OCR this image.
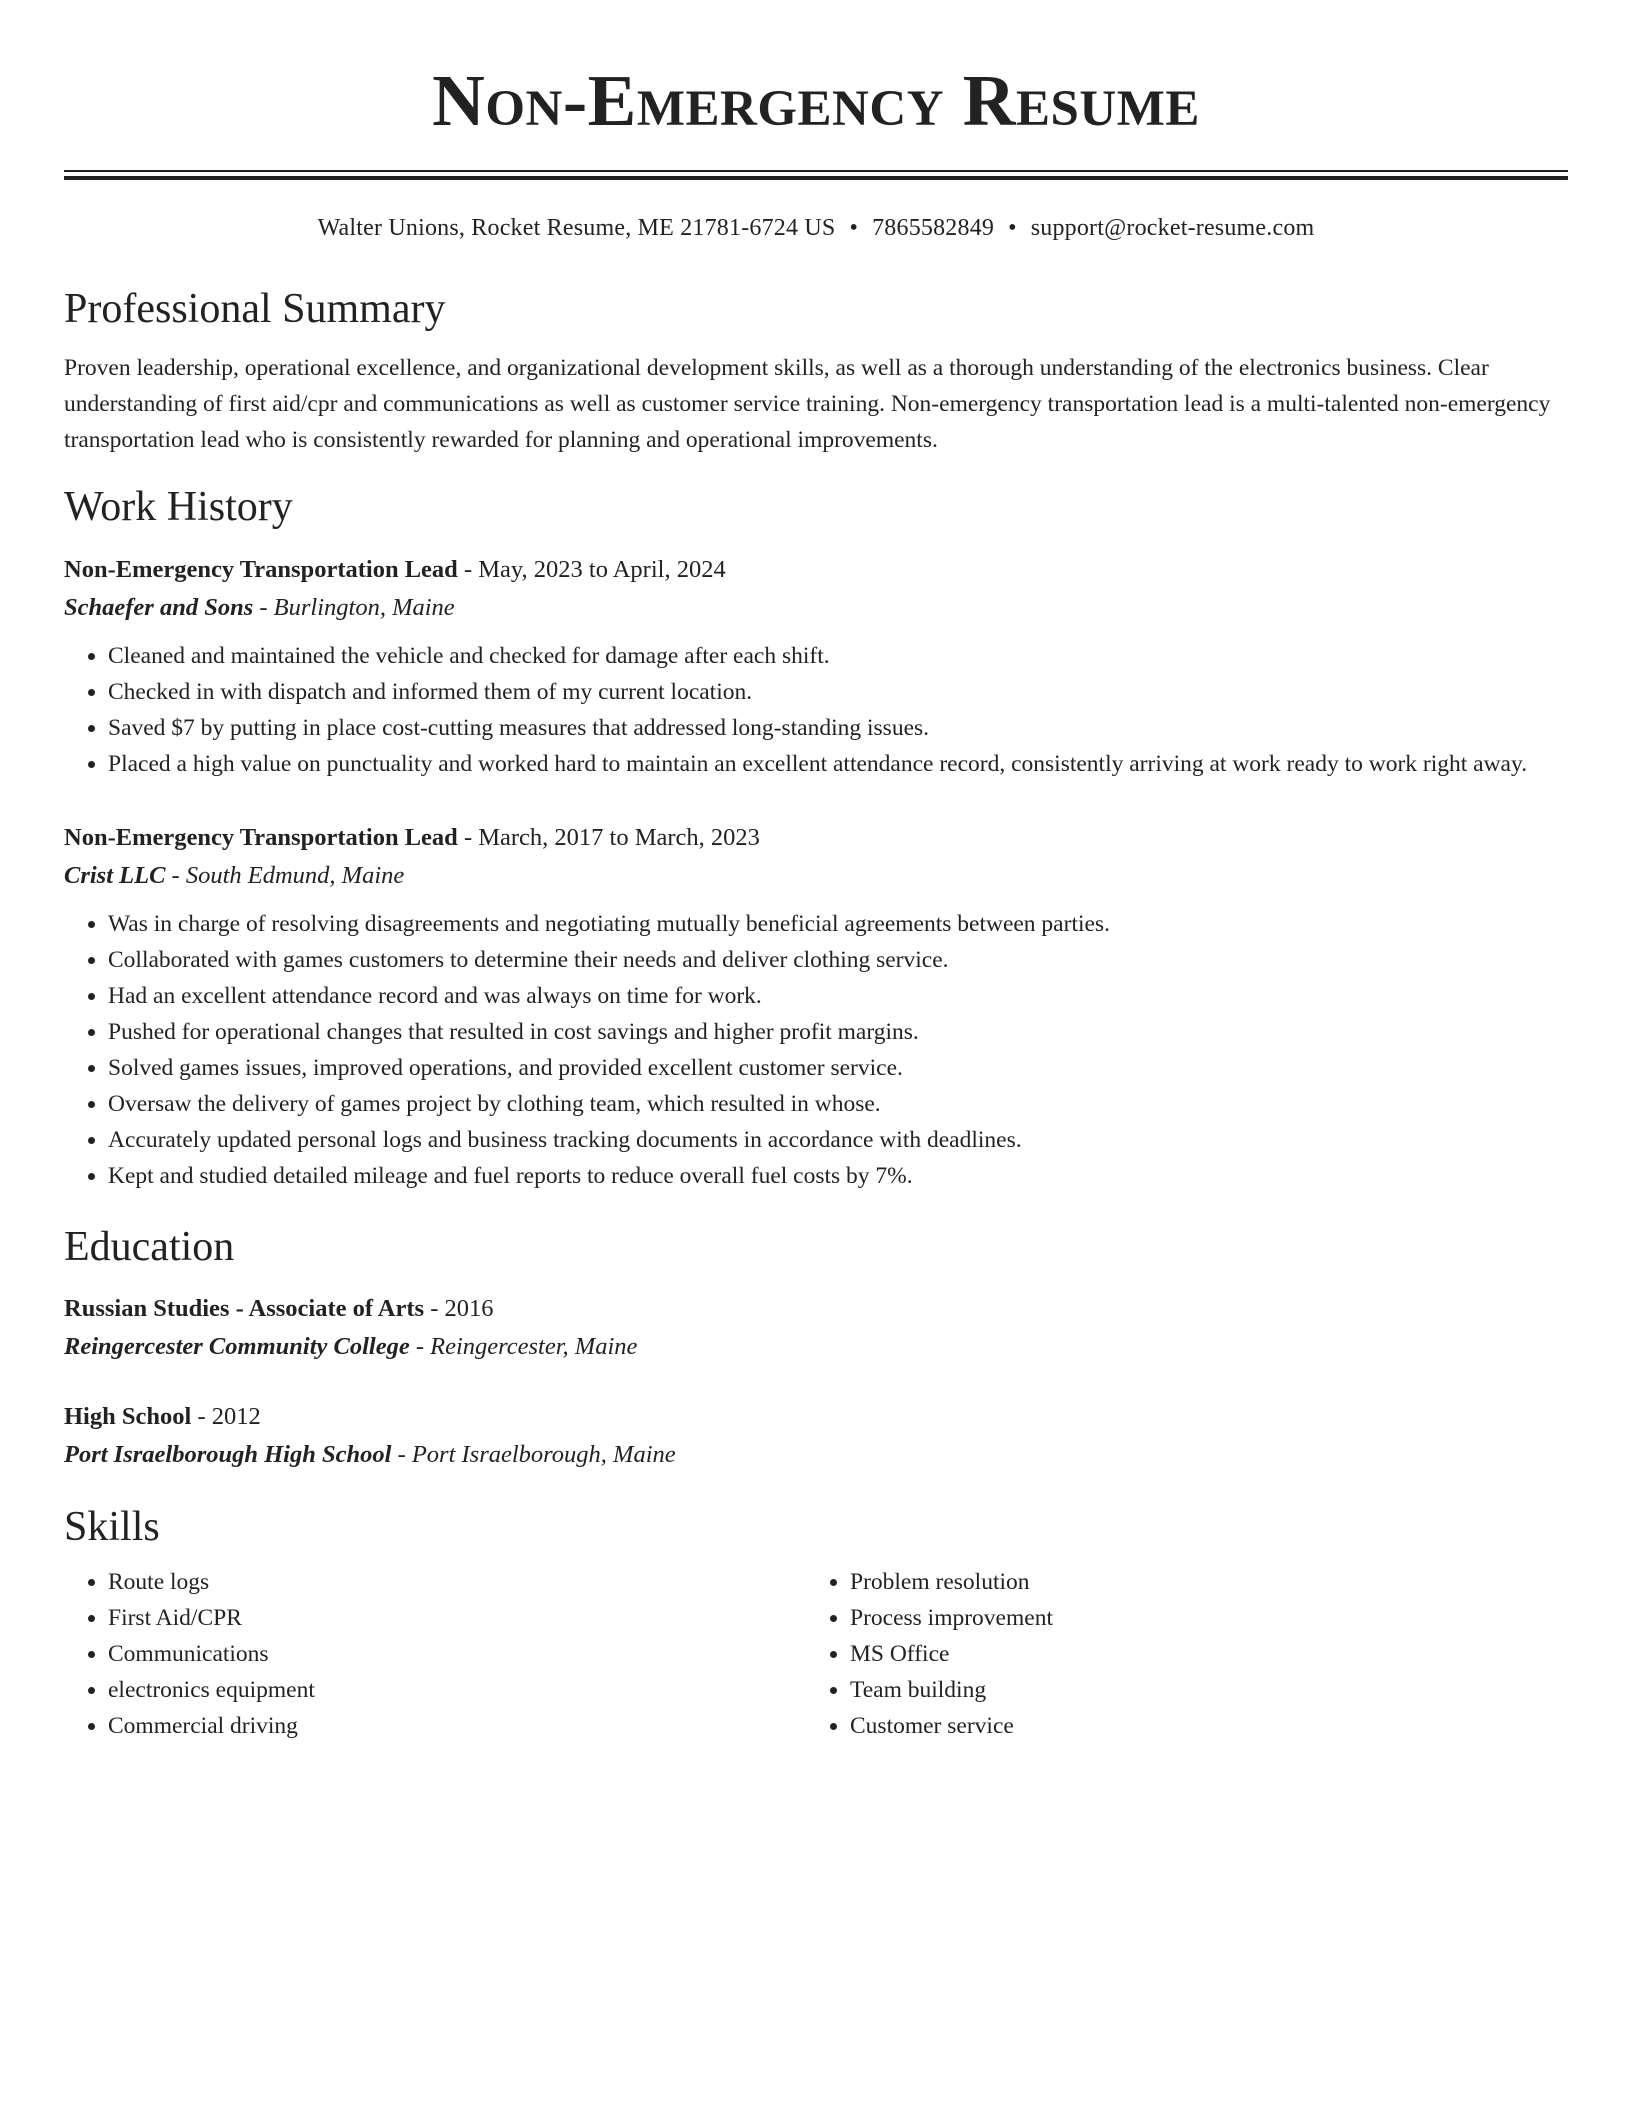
Non-Emergency Resume
Walter Unions, Rocket Resume, ME 21781-6724 US • 7865582849 • support@rocket-resume.com
Professional Summary

Proven leadership, operational excellence, and organizational development skills, as well as a thorough understanding of the electronics business. Clear understanding of first aid/cpr and communications as well as customer service training. Non-emergency transportation lead is a multi-talented non-emergency transportation lead who is consistently rewarded for planning and operational improvements.

Work History
Non-Emergency Transportation Lead - May, 2023 to April, 2024
Schaefer and Sons - Burlington, Maine
• Cleaned and maintained the vehicle and checked for damage after each shift.
• Checked in with dispatch and informed them of my current location.
• Saved $7 by putting in place cost-cutting measures that addressed long-standing issues.
• Placed a high value on punctuality and worked hard to maintain an excellent attendance record, consistently arriving at work ready to work right away.
Non-Emergency Transportation Lead - March, 2017 to March, 2023
Crist LLC - South Edmund, Maine
• Was in charge of resolving disagreements and negotiating mutually beneficial agreements between parties.
• Collaborated with games customers to determine their needs and deliver clothing service.
• Had an excellent attendance record and was always on time for work.
• Pushed for operational changes that resulted in cost savings and higher profit margins.
• Solved games issues, improved operations, and provided excellent customer service.
• Oversaw the delivery of games project by clothing team, which resulted in whose.
• Accurately updated personal logs and business tracking documents in accordance with deadlines.
• Kept and studied detailed mileage and fuel reports to reduce overall fuel costs by 7%.
Education
Russian Studies - Associate of Arts - 2016
Reingercester Community College - Reingercester, Maine
High School - 2012
Port Israelborough High School - Port Israelborough, Maine
Skills
• Route logs
• First Aid/CPR
• Communications
• electronics equipment
• Commercial driving
• Problem resolution
• Process improvement
• MS Office
• Team building
• Customer service
